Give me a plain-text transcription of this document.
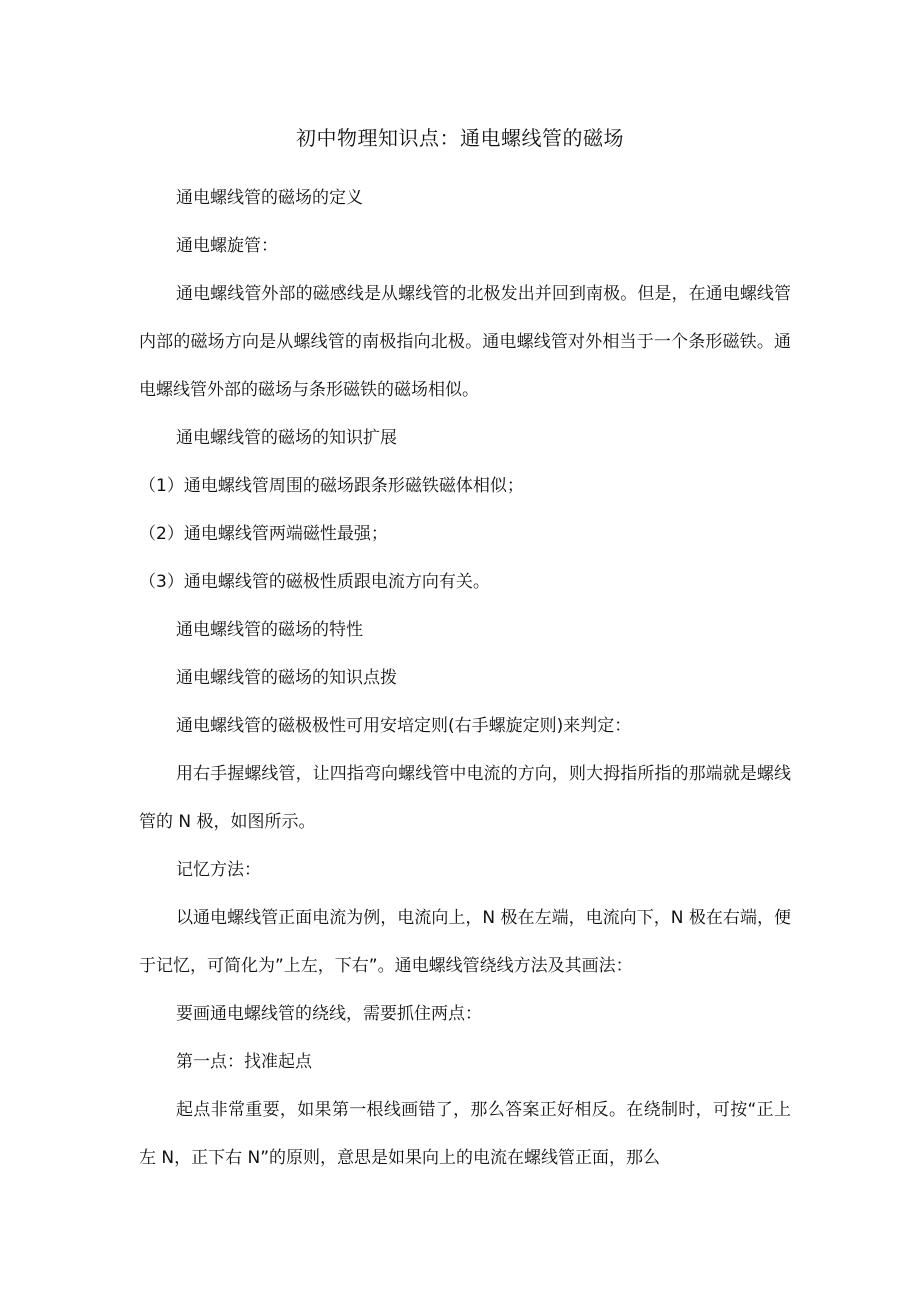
初中物理知识点：通电螺线管的磁场

通电螺线管的磁场的定义

通电螺旋管：

通电螺线管外部的磁感线是从螺线管的北极发出并回到南极。但是，在通电螺线管内部的磁场方向是从螺线管的南极指向北极。通电螺线管对外相当于一个条形磁铁。通电螺线管外部的磁场与条形磁铁的磁场相似。

通电螺线管的磁场的知识扩展

（1）通电螺线管周围的磁场跟条形磁铁磁体相似；

（2）通电螺线管两端磁性最强；

（3）通电螺线管的磁极性质跟电流方向有关。

通电螺线管的磁场的特性

通电螺线管的磁场的知识点拨

通电螺线管的磁极极性可用安培定则(右手螺旋定则)来判定：

用右手握螺线管，让四指弯向螺线管中电流的方向，则大拇指所指的那端就是螺线管的 N 极，如图所示。

记忆方法：

以通电螺线管正面电流为例，电流向上，N 极在左端，电流向下，N 极在右端，便于记忆，可简化为”上左，下右”。通电螺线管绕线方法及其画法：

要画通电螺线管的绕线，需要抓住两点：

第一点：找准起点

起点非常重要，如果第一根线画错了，那么答案正好相反。在绕制时，可按“正上左 N，正下右 N”的原则，意思是如果向上的电流在螺线管正面，那么
